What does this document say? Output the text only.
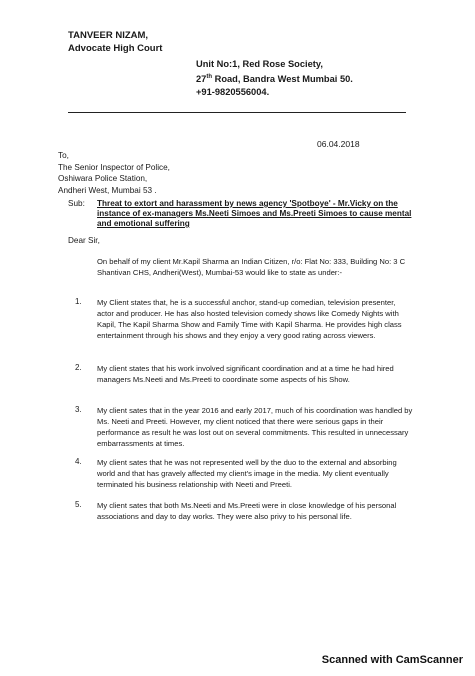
TANVEER NIZAM,
Advocate High Court
Unit No:1, Red Rose Society,
27th Road, Bandra West Mumbai 50.
+91-9820556004.
06.04.2018
To,
The Senior Inspector of Police,
Oshiwara Police Station,
Andheri West, Mumbai 53 .
Sub: Threat to extort and harassment by news agency 'Spotboye' - Mr.Vicky on the instance of ex-managers Ms.Neeti Simoes and Ms.Preeti Simoes to cause mental and emotional suffering
Dear Sir,
On behalf of my client Mr.Kapil Sharma an Indian Citizen, r/o: Flat No: 333, Building No: 3 C Shantivan CHS, Andheri(West), Mumbai-53 would like to state as under:-
1. My Client states that, he is a successful anchor, stand-up comedian, television presenter, actor and producer. He has also hosted television comedy shows like Comedy Nights with Kapil, The Kapil Sharma Show and Family Time with Kapil Sharma. He provides high class entertainment through his shows and they enjoy a very good rating across viewers.
2. My client states that his work involved significant coordination and at a time he had hired managers Ms.Neeti and Ms.Preeti to coordinate some aspects of his Show.
3. My client sates that in the year 2016 and early 2017, much of his coordination was handled by Ms. Neeti and Preeti. However, my client noticed that there were serious gaps in their performance as result he was lost out on several commitments. This resulted in unnecessary embarrassments at times.
4. My client sates that he was not represented well by the duo to the external and absorbing world and that has gravely affected my client's image in the media. My client eventually terminated his business relationship with Neeti and Preeti.
5. My client sates that both Ms.Neeti and Ms.Preeti were in close knowledge of his personal associations and day to day works. They were also privy to his personal life.
Scanned with CamScanner
